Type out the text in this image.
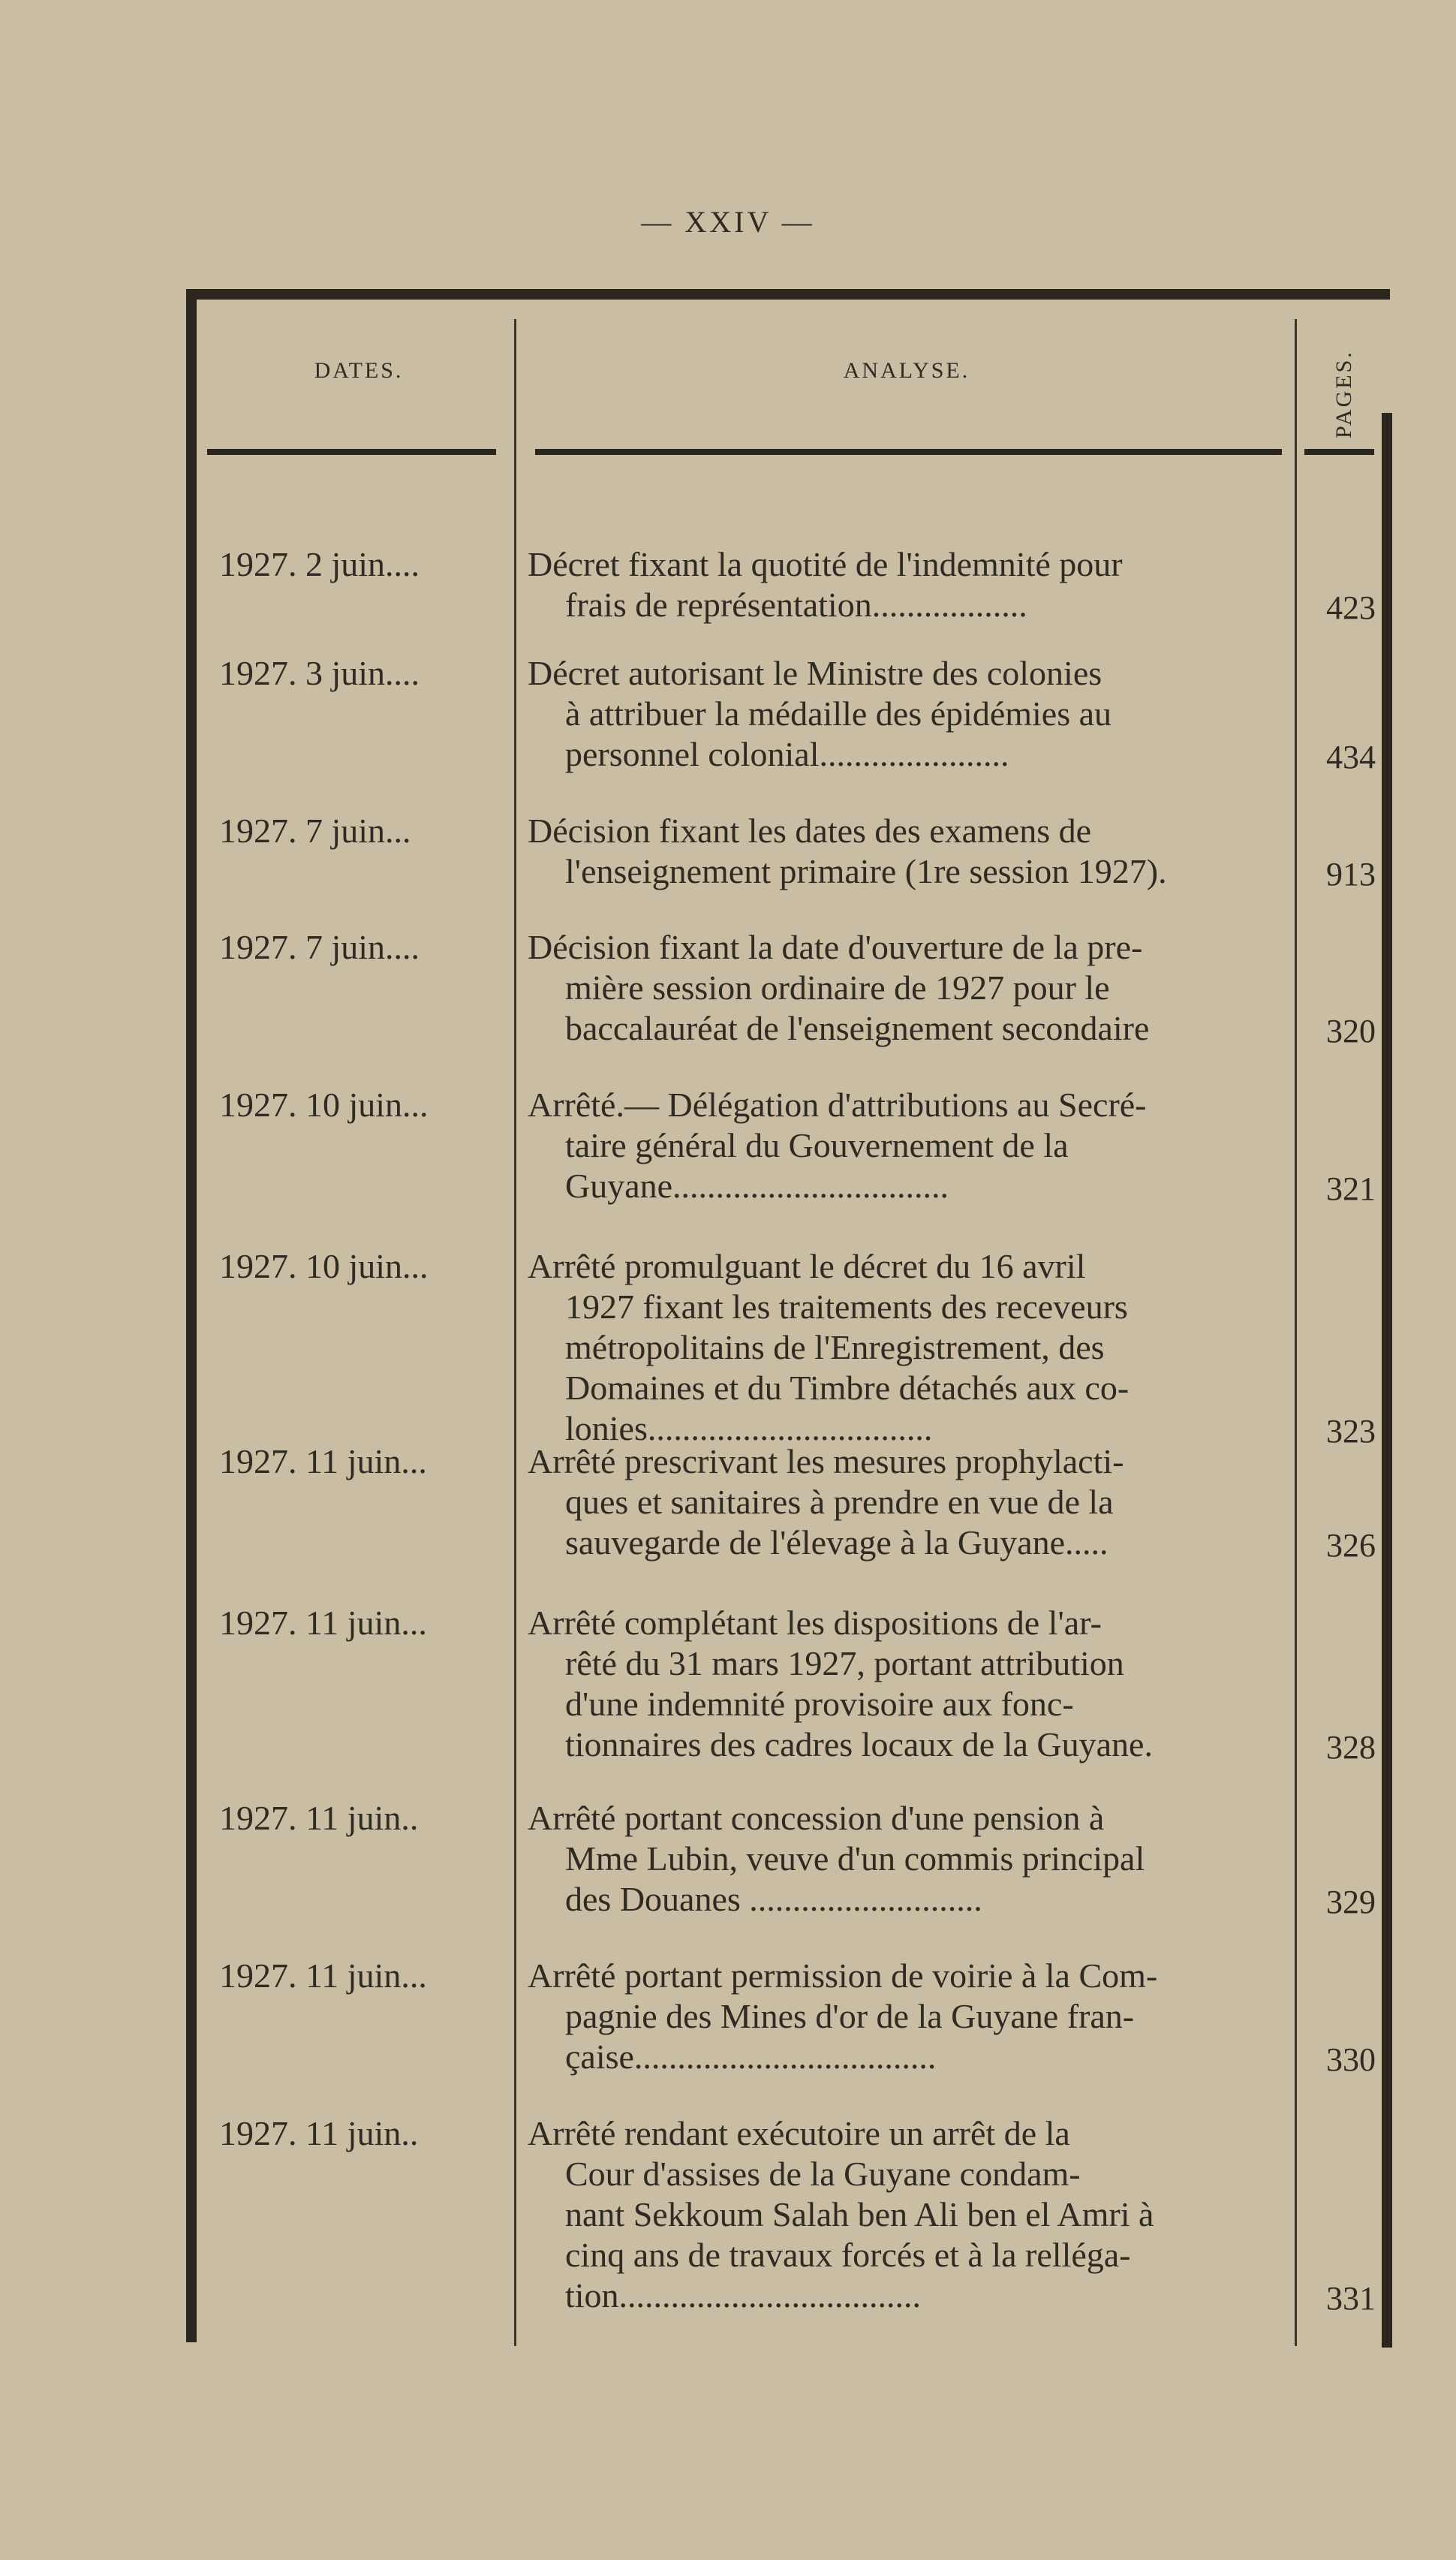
— XXIV —
DATES.	ANALYSE.	PAGES.
1927. 2 juin....	Décret fixant la quotité de l'indemnité pour
frais de représentation..................	423
1927. 3 juin....	Décret autorisant le Ministre des colonies
à attribuer la médaille des épidémies au
personnel colonial......................	434
1927. 7 juin...	Décision fixant les dates des examens de
l'enseignement primaire (1re session 1927).	913
1927. 7 juin....	Décision fixant la date d'ouverture de la pre-
mière session ordinaire de 1927 pour le
baccalauréat de l'enseignement secondaire	320
1927. 10 juin...	Arrêté.— Délégation d'attributions au Secré-
taire général du Gouvernement de la
Guyane................................	321
1927. 10 juin...	Arrêté promulguant le décret du 16 avril
1927 fixant les traitements des receveurs
métropolitains de l'Enregistrement, des
Domaines et du Timbre détachés aux co-
lonies.................................	323
1927. 11 juin...	Arrêté prescrivant les mesures prophylacti-
ques et sanitaires à prendre en vue de la
sauvegarde de l'élevage à la Guyane.....	326
1927. 11 juin...	Arrêté complétant les dispositions de l'ar-
rêté du 31 mars 1927, portant attribution
d'une indemnité provisoire aux fonc-
tionnaires des cadres locaux de la Guyane.	328
1927. 11 juin..	Arrêté portant concession d'une pension à
Mme Lubin, veuve d'un commis principal
des Douanes ...........................	329
1927. 11 juin...	Arrêté portant permission de voirie à la Com-
pagnie des Mines d'or de la Guyane fran-
çaise...................................	330
1927. 11 juin..	Arrêté rendant exécutoire un arrêt de la
Cour d'assises de la Guyane condam-
nant Sekkoum Salah ben Ali ben el Amri à
cinq ans de travaux forcés et à la relléga-
tion...................................	331
